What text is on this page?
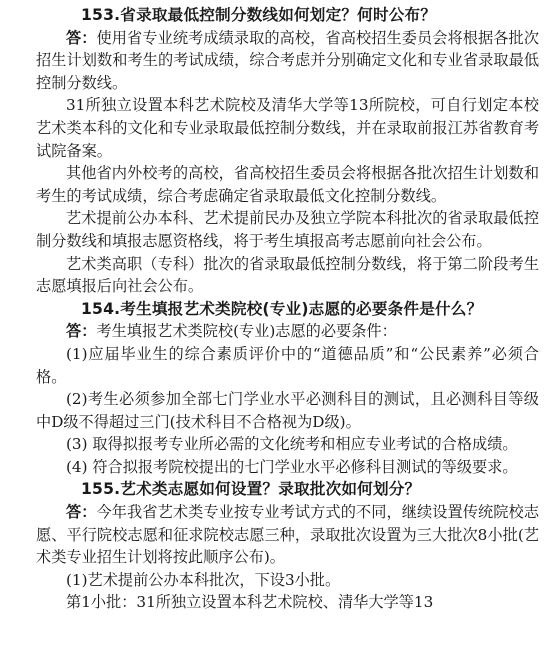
153.省录取最低控制分数线如何划定？何时公布？

答：使用省专业统考成绩录取的高校，省高校招生委员会将根据各批次招生计划数和考生的考试成绩，综合考虑并分别确定文化和专业省录取最低控制分数线。

31所独立设置本科艺术院校及清华大学等13所院校，可自行划定本校艺术类本科的文化和专业录取最低控制分数线，并在录取前报江苏省教育考试院备案。

其他省内外校考的高校，省高校招生委员会将根据各批次招生计划数和考生的考试成绩，综合考虑确定省录取最低文化控制分数线。

艺术提前公办本科、艺术提前民办及独立学院本科批次的省录取最低控制分数线和填报志愿资格线，将于考生填报高考志愿前向社会公布。

艺术类高职（专科）批次的省录取最低控制分数线，将于第二阶段考生志愿填报后向社会公布。

154.考生填报艺术类院校(专业)志愿的必要条件是什么？

答：考生填报艺术类院校(专业)志愿的必要条件：

(1)应届毕业生的综合素质评价中的“道德品质”和“公民素养”必须合格。

(2)考生必须参加全部七门学业水平必测科目的测试，且必测科目等级中D级不得超过三门(技术科目不合格视为D级)。

(3) 取得拟报考专业所必需的文化统考和相应专业考试的合格成绩。

(4) 符合拟报考院校提出的七门学业水平必修科目测试的等级要求。

155.艺术类志愿如何设置？录取批次如何划分？

答：今年我省艺术类专业按专业考试方式的不同，继续设置传统院校志愿、平行院校志愿和征求院校志愿三种，录取批次设置为三大批次8小批(艺术类专业招生计划将按此顺序公布)。

(1)艺术提前公办本科批次，下设3小批。

第1小批：31所独立设置本科艺术院校、清华大学等13
